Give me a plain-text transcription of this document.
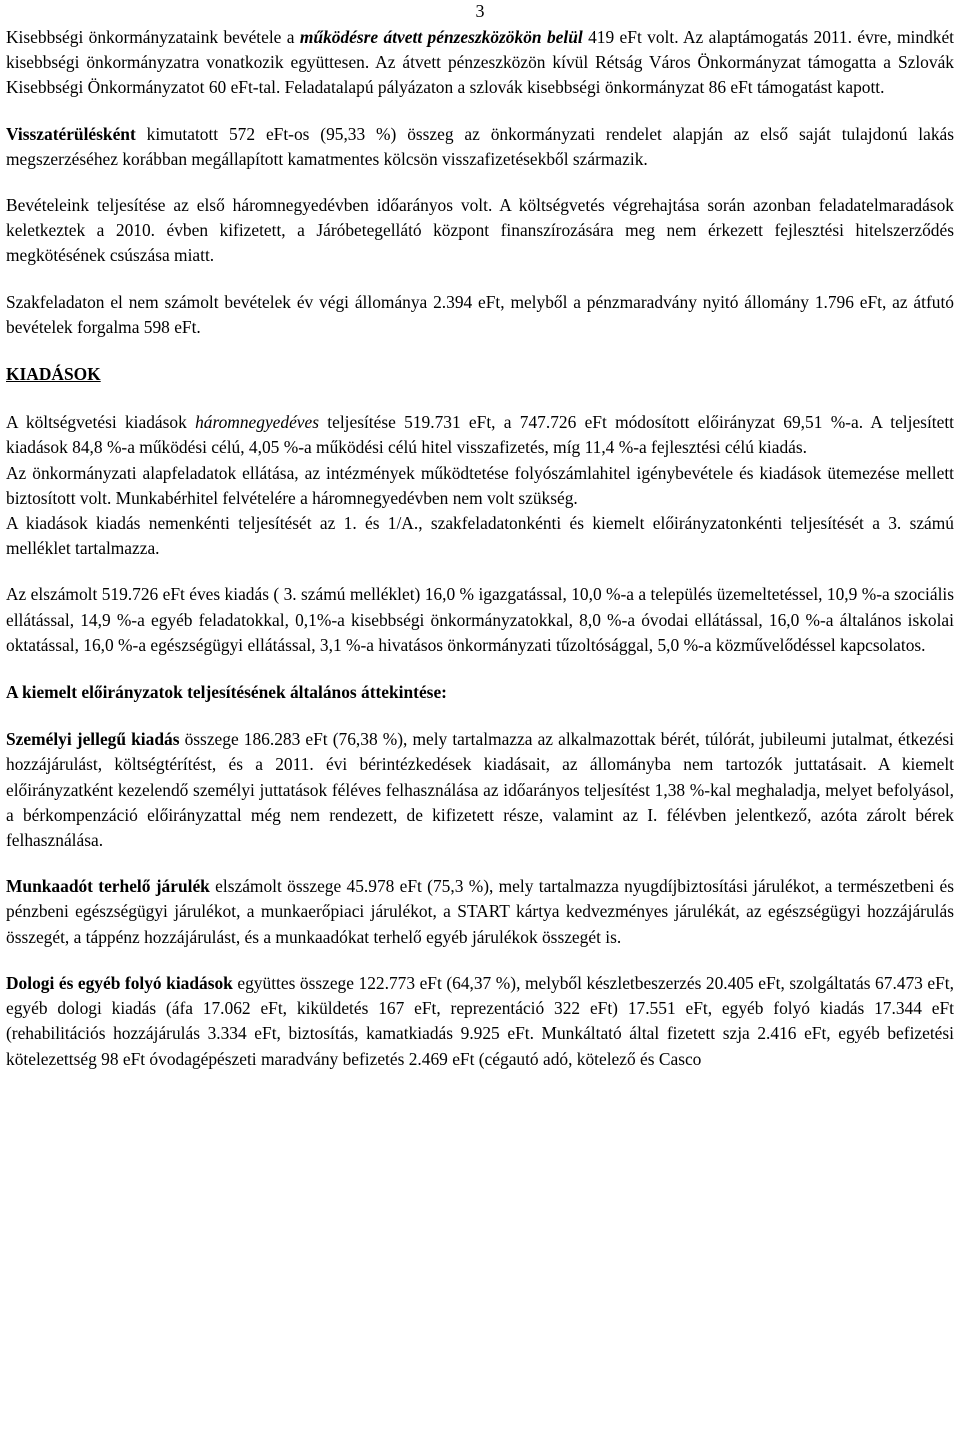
3

Kisebbségi önkormányzataink bevétele a működésre átvett pénzeszközökön belül 419 eFt volt. Az alaptámogatás 2011. évre, mindkét kisebbségi önkormányzatra vonatkozik együttesen. Az átvett pénzeszközön kívül Rétság Város Önkormányzat támogatta a Szlovák Kisebbségi Önkormányzatot 60 eFt-tal. Feladatalapú pályázaton a szlovák kisebbségi önkormányzat 86 eFt támogatást kapott.

Visszatérülésként kimutatott 572 eFt-os (95,33 %) összeg az önkormányzati rendelet alapján az első saját tulajdonú lakás megszerzéséhez korábban megállapított kamatmentes kölcsön visszafizetésekből származik.

Bevételeink teljesítése az első háromnegyedévben időarányos volt. A költségvetés végrehajtása során azonban feladatelmaradások keletkeztek a 2010. évben kifizetett, a Járóbetegellátó központ finanszírozására meg nem érkezett fejlesztési hitelszerződés megkötésének csúszása miatt.

Szakfeladaton el nem számolt bevételek év végi állománya 2.394 eFt, melyből a pénzmaradvány nyitó állomány 1.796 eFt, az átfutó bevételek forgalma 598 eFt.

KIADÁSOK

A költségvetési kiadások háromnegyedéves teljesítése 519.731 eFt, a 747.726 eFt módosított előirányzat 69,51 %-a. A teljesített kiadások 84,8 %-a működési célú, 4,05 %-a működési célú hitel visszafizetés, míg 11,4 %-a fejlesztési célú kiadás.

Az önkormányzati alapfeladatok ellátása, az intézmények működtetése folyószámlahitel igénybevétele és kiadások ütemezése mellett biztosított volt. Munkabérhitel felvételére a háromnegyedévben nem volt szükség.

A kiadások kiadás nemenkénti teljesítését az 1. és 1/A., szakfeladatonkénti és kiemelt előirányzatonkénti teljesítését a 3. számú melléklet tartalmazza.

Az elszámolt 519.726 eFt éves kiadás ( 3. számú melléklet) 16,0 % igazgatással, 10,0 %-a a település üzemeltetéssel, 10,9 %-a szociális ellátással, 14,9 %-a egyéb feladatokkal, 0,1%-a kisebbségi önkormányzatokkal, 8,0 %-a óvodai ellátással, 16,0 %-a általános iskolai oktatással, 16,0 %-a egészségügyi ellátással, 3,1 %-a hivatásos önkormányzati tűzoltósággal, 5,0 %-a közművelődéssel kapcsolatos.

A kiemelt előirányzatok teljesítésének általános áttekintése:

Személyi jellegű kiadás összege 186.283 eFt (76,38 %), mely tartalmazza az alkalmazottak bérét, túlórát, jubileumi jutalmat, étkezési hozzájárulást, költségtérítést, és a 2011. évi bérintézkedések kiadásait, az állományba nem tartozók juttatásait. A kiemelt előirányzatként kezelendő személyi juttatások féléves felhasználása az időarányos teljesítést 1,38 %-kal meghaladja, melyet befolyásol, a bérkompenzáció előirányzattal még nem rendezett, de kifizetett része, valamint az I. félévben jelentkező, azóta zárolt bérek felhasználása.

Munkaadót terhelő járulék elszámolt összege 45.978 eFt (75,3 %), mely tartalmazza nyugdíjbiztosítási járulékot, a természetbeni és pénzbeni egészségügyi járulékot, a munkaerőpiaci járulékot, a START kártya kedvezményes járulékát, az egészségügyi hozzájárulás összegét, a táppénz hozzájárulást, és a munkaadókat terhelő egyéb járulékok összegét is.

Dologi és egyéb folyó kiadások együttes összege 122.773 eFt (64,37 %), melyből készletbeszerzés 20.405 eFt, szolgáltatás 67.473 eFt, egyéb dologi kiadás (áfa 17.062 eFt, kiküldetés 167 eFt, reprezentáció 322 eFt) 17.551 eFt, egyéb folyó kiadás 17.344 eFt (rehabilitációs hozzájárulás 3.334 eFt, biztosítás, kamatkiadás 9.925 eFt. Munkáltató által fizetett szja 2.416 eFt, egyéb befizetési kötelezettség 98 eFt óvodagépészeti maradvány befizetés 2.469 eFt (cégautó adó, kötelező és Casco
